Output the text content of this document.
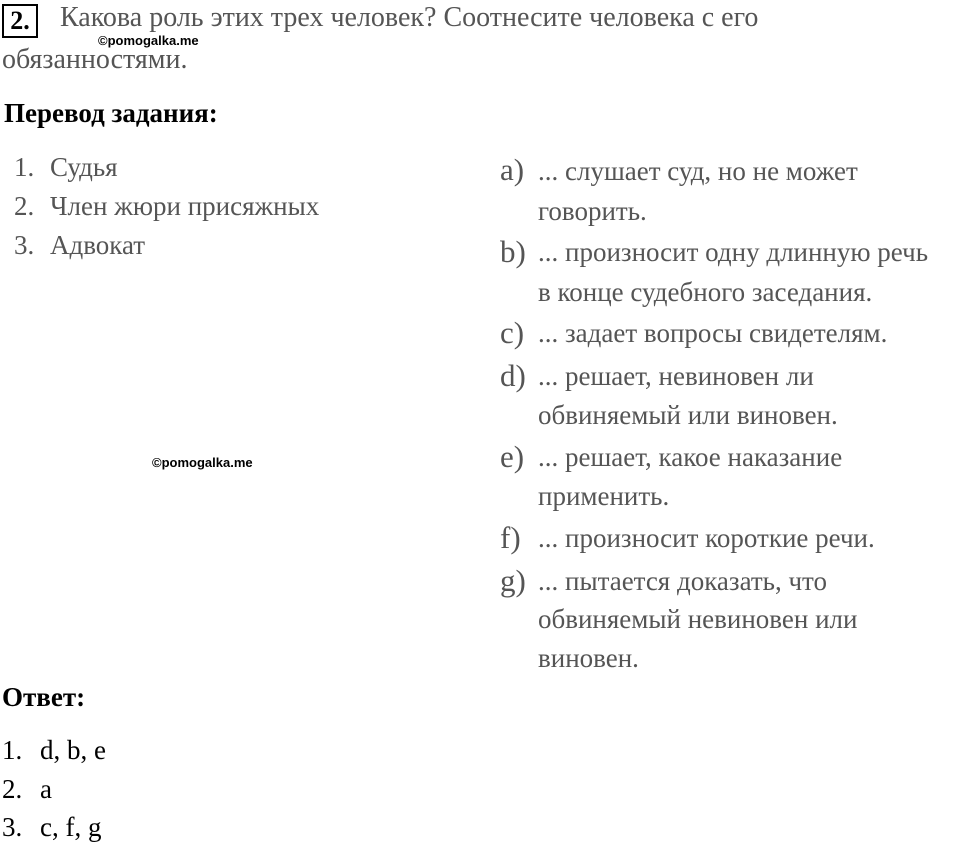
2. Какова роль этих трех человек? Соотнесите человека с его
обязанностями.
©pomogalka.me
Перевод задания:
1. Судья
2. Член жюри присяжных
3. Адвокат
©pomogalka.me
a) ... слушает суд, но не может
говорить.
b) ... произносит одну длинную речь
в конце судебного заседания.
c) ... задает вопросы свидетелям.
d) ... решает, невиновен ли
обвиняемый или виновен.
e) ... решает, какое наказание
применить.
f) ... произносит короткие речи.
g) ... пытается доказать, что
обвиняемый невиновен или
виновен.
Ответ:
1. d, b, e
2. a
3. c, f, g
